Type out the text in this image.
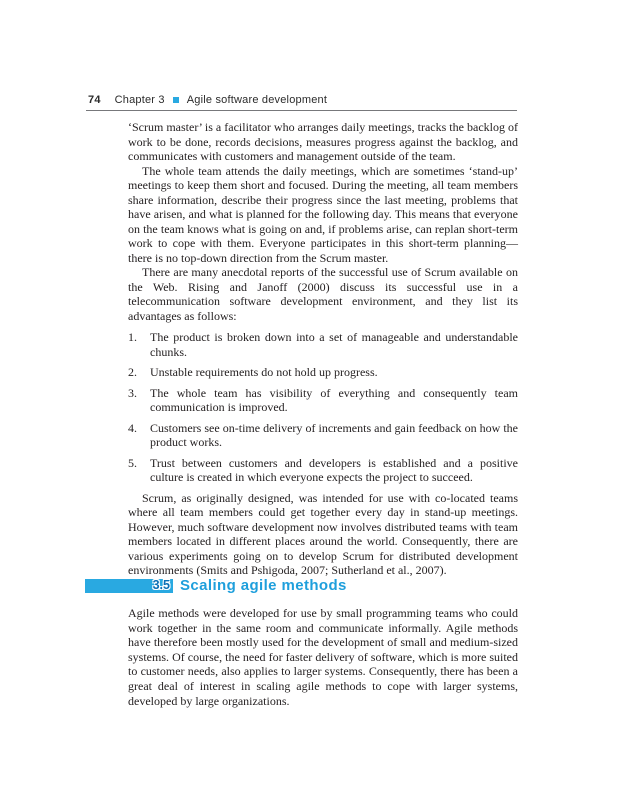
74 Chapter 3 Agile software development

‘Scrum master’ is a facilitator who arranges daily meetings, tracks the backlog of work to be done, records decisions, measures progress against the backlog, and communicates with customers and management outside of the team.

The whole team attends the daily meetings, which are sometimes ‘stand-up’ meetings to keep them short and focused. During the meeting, all team members share information, describe their progress since the last meeting, problems that have arisen, and what is planned for the following day. This means that everyone on the team knows what is going on and, if problems arise, can replan short-term work to cope with them. Everyone participates in this short-term planning—there is no top-down direction from the Scrum master.

There are many anecdotal reports of the successful use of Scrum available on the Web. Rising and Janoff (2000) discuss its successful use in a telecommunication software development environment, and they list its advantages as follows:

1.	The product is broken down into a set of manageable and understandable chunks.
2.	Unstable requirements do not hold up progress.
3.	The whole team has visibility of everything and consequently team communication is improved.
4.	Customers see on-time delivery of increments and gain feedback on how the product works.
5.	Trust between customers and developers is established and a positive culture is created in which everyone expects the project to succeed.

Scrum, as originally designed, was intended for use with co-located teams where all team members could get together every day in stand-up meetings. However, much software development now involves distributed teams with team members located in different places around the world. Consequently, there are various experiments going on to develop Scrum for distributed development environments (Smits and Pshigoda, 2007; Sutherland et al., 2007).

3.5 Scaling agile methods

Agile methods were developed for use by small programming teams who could work together in the same room and communicate informally. Agile methods have therefore been mostly used for the development of small and medium-sized systems. Of course, the need for faster delivery of software, which is more suited to customer needs, also applies to larger systems. Consequently, there has been a great deal of interest in scaling agile methods to cope with larger systems, developed by large organizations.
